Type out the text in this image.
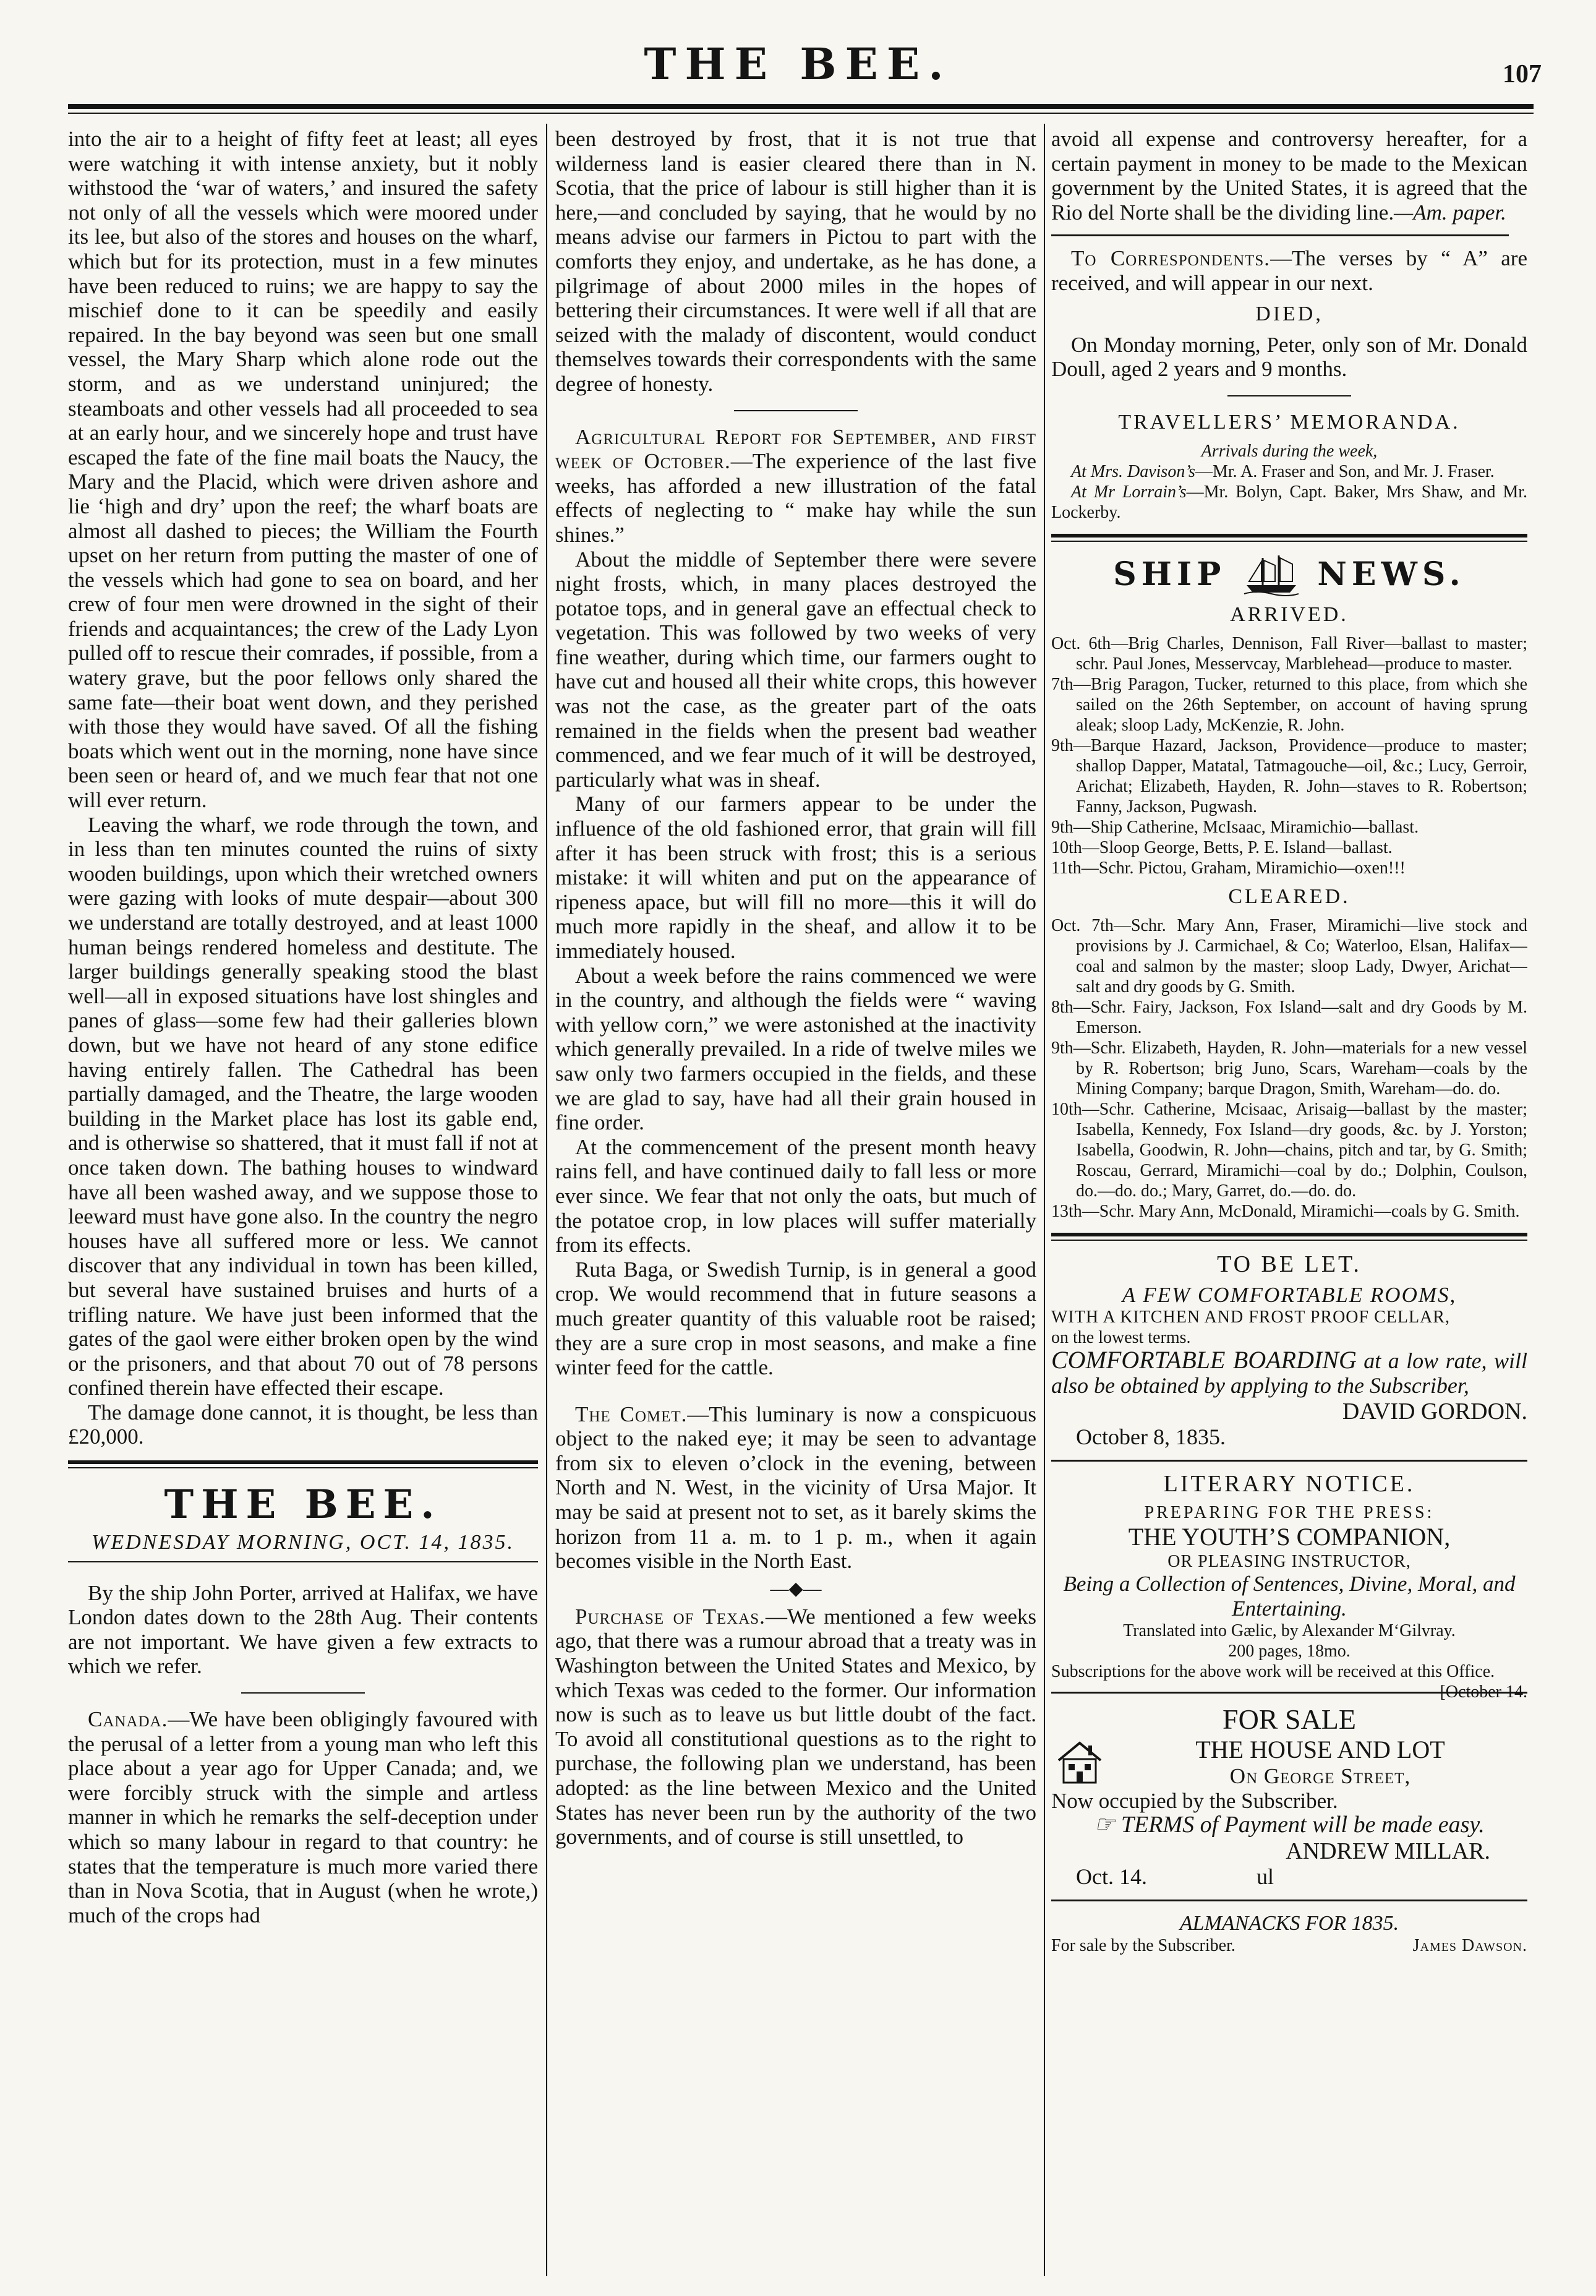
THE BEE.	107

into the air to a height of fifty feet at least; all eyes were watching it with intense anxiety, but it nobly withstood the ‘war of waters,’ and insured the safety not only of all the vessels which were moored under its lee, but also of the stores and houses on the wharf, which but for its protection, must in a few minutes have been reduced to ruins; we are happy to say the mischief done to it can be speedily and easily repaired. In the bay beyond was seen but one small vessel, the Mary Sharp which alone rode out the storm, and as we understand uninjured; the steamboats and other vessels had all proceeded to sea at an early hour, and we sincerely hope and trust have escaped the fate of the fine mail boats the Naucy, the Mary and the Placid, which were driven ashore and lie ‘high and dry’ upon the reef; the wharf boats are almost all dashed to pieces; the William the Fourth upset on her return from putting the master of one of the vessels which had gone to sea on board, and her crew of four men were drowned in the sight of their friends and acquaintances; the crew of the Lady Lyon pulled off to rescue their comrades, if possible, from a watery grave, but the poor fellows only shared the same fate—their boat went down, and they perished with those they would have saved. Of all the fishing boats which went out in the morning, none have since been seen or heard of, and we much fear that not one will ever return.

Leaving the wharf, we rode through the town, and in less than ten minutes counted the ruins of sixty wooden buildings, upon which their wretched owners were gazing with looks of mute despair—about 300 we understand are totally destroyed, and at least 1000 human beings rendered homeless and destitute. The larger buildings generally speaking stood the blast well—all in exposed situations have lost shingles and panes of glass—some few had their galleries blown down, but we have not heard of any stone edifice having entirely fallen. The Cathedral has been partially damaged, and the Theatre, the large wooden building in the Market place has lost its gable end, and is otherwise so shattered, that it must fall if not at once taken down. The bathing houses to windward have all been washed away, and we suppose those to leeward must have gone also. In the country the negro houses have all suffered more or less. We cannot discover that any individual in town has been killed, but several have sustained bruises and hurts of a trifling nature. We have just been informed that the gates of the gaol were either broken open by the wind or the prisoners, and that about 70 out of 78 persons confined therein have effected their escape.

The damage done cannot, it is thought, be less than £20,000.

THE BEE.
WEDNESDAY MORNING, OCT. 14, 1835.

By the ship John Porter, arrived at Halifax, we have London dates down to the 28th Aug. Their contents are not important. We have given a few extracts to which we refer.

Canada.—We have been obligingly favoured with the perusal of a letter from a young man who left this place about a year ago for Upper Canada; and, we were forcibly struck with the simple and artless manner in which he remarks the self-deception under which so many labour in regard to that country: he states that the temperature is much more varied there than in Nova Scotia, that in August (when he wrote,) much of the crops had

been destroyed by frost, that it is not true that wilderness land is easier cleared there than in N. Scotia, that the price of labour is still higher than it is here,—and concluded by saying, that he would by no means advise our farmers in Pictou to part with the comforts they enjoy, and undertake, as he has done, a pilgrimage of about 2000 miles in the hopes of bettering their circumstances. It were well if all that are seized with the malady of discontent, would conduct themselves towards their correspondents with the same degree of honesty.

Agricultural Report for September, and first week of October.—The experience of the last five weeks, has afforded a new illustration of the fatal effects of neglecting to “ make hay while the sun shines.”

About the middle of September there were severe night frosts, which, in many places destroyed the potatoe tops, and in general gave an effectual check to vegetation. This was followed by two weeks of very fine weather, during which time, our farmers ought to have cut and housed all their white crops, this however was not the case, as the greater part of the oats remained in the fields when the present bad weather commenced, and we fear much of it will be destroyed, particularly what was in sheaf.

Many of our farmers appear to be under the influence of the old fashioned error, that grain will fill after it has been struck with frost; this is a serious mistake: it will whiten and put on the appearance of ripeness apace, but will fill no more—this it will do much more rapidly in the sheaf, and allow it to be immediately housed.

About a week before the rains commenced we were in the country, and although the fields were “ waving with yellow corn,” we were astonished at the inactivity which generally prevailed. In a ride of twelve miles we saw only two farmers occupied in the fields, and these we are glad to say, have had all their grain housed in fine order.

At the commencement of the present month heavy rains fell, and have continued daily to fall less or more ever since. We fear that not only the oats, but much of the potatoe crop, in low places will suffer materially from its effects.

Ruta Baga, or Swedish Turnip, is in general a good crop. We would recommend that in future seasons a much greater quantity of this valuable root be raised; they are a sure crop in most seasons, and make a fine winter feed for the cattle.

The Comet.—This luminary is now a conspicuous object to the naked eye; it may be seen to advantage from six to eleven o’clock in the evening, between North and N. West, in the vicinity of Ursa Major. It may be said at present not to set, as it barely skims the horizon from 11 a. m. to 1 p. m., when it again becomes visible in the North East.

—◆—

Purchase of Texas.—We mentioned a few weeks ago, that there was a rumour abroad that a treaty was in Washington between the United States and Mexico, by which Texas was ceded to the former. Our information now is such as to leave us but little doubt of the fact. To avoid all constitutional questions as to the right to purchase, the following plan we understand, has been adopted: as the line between Mexico and the United States has never been run by the authority of the two governments, and of course is still unsettled, to

avoid all expense and controversy hereafter, for a certain payment in money to be made to the Mexican government by the United States, it is agreed that the Rio del Norte shall be the dividing line.—Am. paper.

To Correspondents.—The verses by “ A” are received, and will appear in our next.

DIED,

On Monday morning, Peter, only son of Mr. Donald Doull, aged 2 years and 9 months.

TRAVELLERS’ MEMORANDA.
Arrivals during the week,

At Mrs. Davison’s—Mr. A. Fraser and Son, and Mr. J. Fraser.

At Mr Lorrain’s—Mr. Bolyn, Capt. Baker, Mrs Shaw, and Mr. Lockerby.

SHIP	NEWS.
ARRIVED.

Oct. 6th—Brig Charles, Dennison, Fall River—ballast to master; schr. Paul Jones, Messervcay, Marblehead—produce to master.

7th—Brig Paragon, Tucker, returned to this place, from which she sailed on the 26th September, on account of having sprung aleak; sloop Lady, McKenzie, R. John.

9th—Barque Hazard, Jackson, Providence—produce to master; shallop Dapper, Matatal, Tatmagouche—oil, &c.; Lucy, Gerroir, Arichat; Elizabeth, Hayden, R. John—staves to R. Robertson; Fanny, Jackson, Pugwash.

9th—Ship Catherine, McIsaac, Miramichio—ballast.

10th—Sloop George, Betts, P. E. Island—ballast.

11th—Schr. Pictou, Graham, Miramichio—oxen!!!

CLEARED.

Oct. 7th—Schr. Mary Ann, Fraser, Miramichi—live stock and provisions by J. Carmichael, & Co; Waterloo, Elsan, Halifax—coal and salmon by the master; sloop Lady, Dwyer, Arichat—salt and dry goods by G. Smith.

8th—Schr. Fairy, Jackson, Fox Island—salt and dry Goods by M. Emerson.

9th—Schr. Elizabeth, Hayden, R. John—materials for a new vessel by R. Robertson; brig Juno, Scars, Wareham—coals by the Mining Company; barque Dragon, Smith, Wareham—do. do.

10th—Schr. Catherine, Mcisaac, Arisaig—ballast by the master; Isabella, Kennedy, Fox Island—dry goods, &c. by J. Yorston; Isabella, Goodwin, R. John—chains, pitch and tar, by G. Smith; Roscau, Gerrard, Miramichi—coal by do.; Dolphin, Coulson, do.—do. do.; Mary, Garret, do.—do. do.

13th—Schr. Mary Ann, McDonald, Miramichi—coals by G. Smith.

TO BE LET.
A FEW COMFORTABLE ROOMS,
WITH A KITCHEN AND FROST PROOF CELLAR,
on the lowest terms.

COMFORTABLE BOARDING at a low rate, will also be obtained by applying to the Subscriber,

DAVID GORDON.
October 8, 1835.
LITERARY NOTICE.
PREPARING FOR THE PRESS:
THE YOUTH’S COMPANION,
OR PLEASING INSTRUCTOR,
Being a Collection of Sentences, Divine, Moral, and Entertaining.
Translated into Gælic, by Alexander M‘Gilvray.
200 pages, 18mo.

Subscriptions for the above work will be received at this Office.
[October 14.

FOR SALE
THE HOUSE AND LOT
On George Street,
Now occupied by the Subscriber.
☞ TERMS of Payment will be made easy.
ANDREW MILLAR.
Oct. 14.	ul
ALMANACKS FOR 1835.
For sale by the Subscriber.	James Dawson.
